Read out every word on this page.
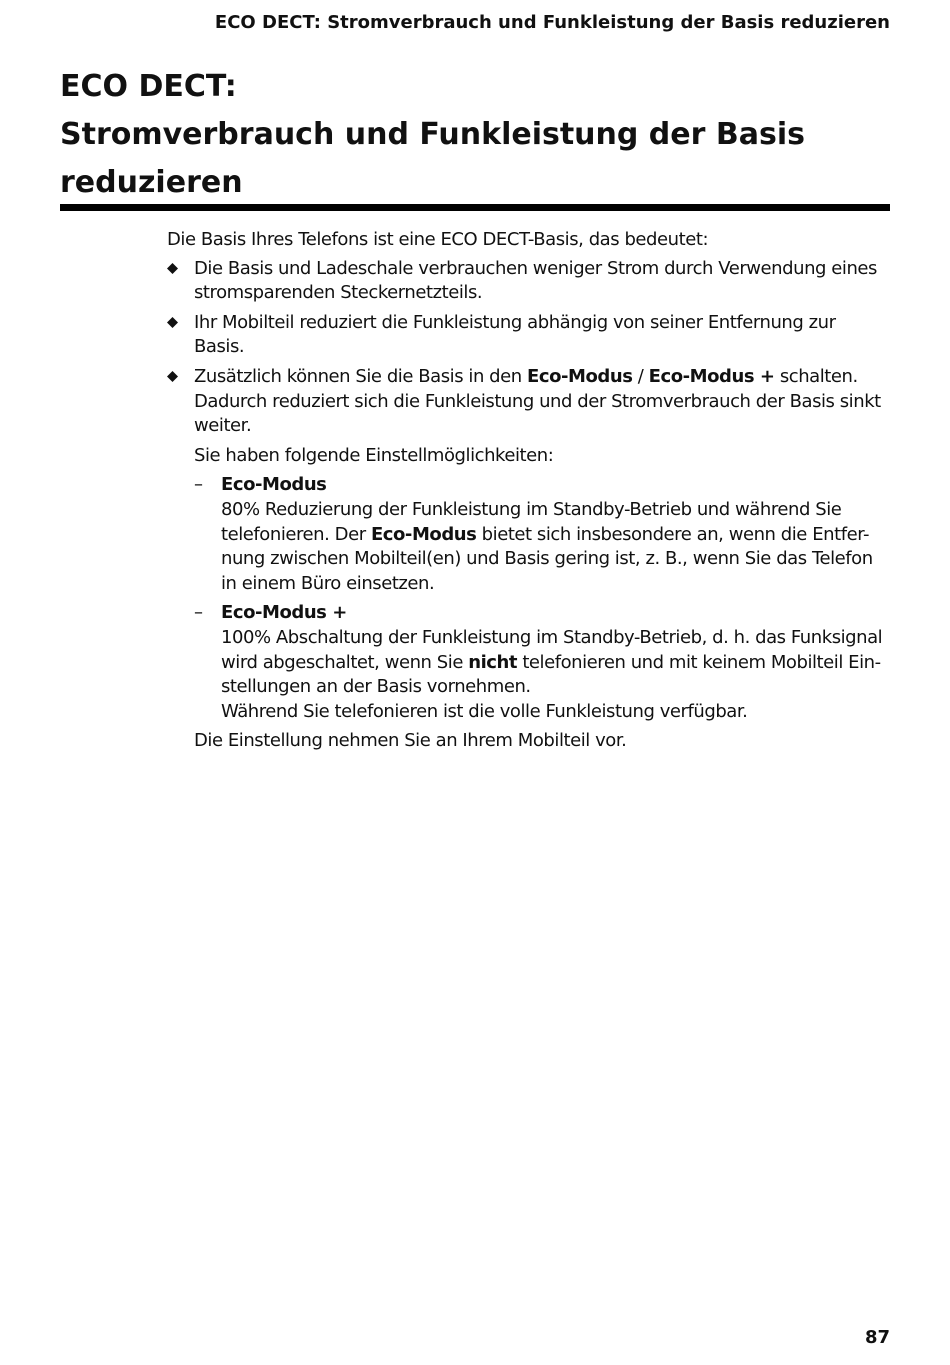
ECO DECT: Stromverbrauch und Funkleistung der Basis reduzieren
ECO DECT:
Stromverbrauch und Funkleistung der Basis
reduzieren
Die Basis Ihres Telefons ist eine ECO DECT-Basis, das bedeutet:
Die Basis und Ladeschale verbrauchen weniger Strom durch Verwendung eines
stromsparenden Steckernetzteils.
Ihr Mobilteil reduziert die Funkleistung abhängig von seiner Entfernung zur
Basis.
Zusätzlich können Sie die Basis in den Eco-Modus / Eco-Modus + schalten.
Dadurch reduziert sich die Funkleistung und der Stromverbrauch der Basis sinkt
weiter.
Sie haben folgende Einstellmöglichkeiten:
– Eco-Modus
80% Reduzierung der Funkleistung im Standby-Betrieb und während Sie
telefonieren. Der Eco-Modus bietet sich insbesondere an, wenn die Entfer-
nung zwischen Mobilteil(en) und Basis gering ist, z. B., wenn Sie das Telefon
in einem Büro einsetzen.
– Eco-Modus +
100% Abschaltung der Funkleistung im Standby-Betrieb, d. h. das Funksignal
wird abgeschaltet, wenn Sie nicht telefonieren und mit keinem Mobilteil Ein-
stellungen an der Basis vornehmen.
Während Sie telefonieren ist die volle Funkleistung verfügbar.
Die Einstellung nehmen Sie an Ihrem Mobilteil vor.
87
